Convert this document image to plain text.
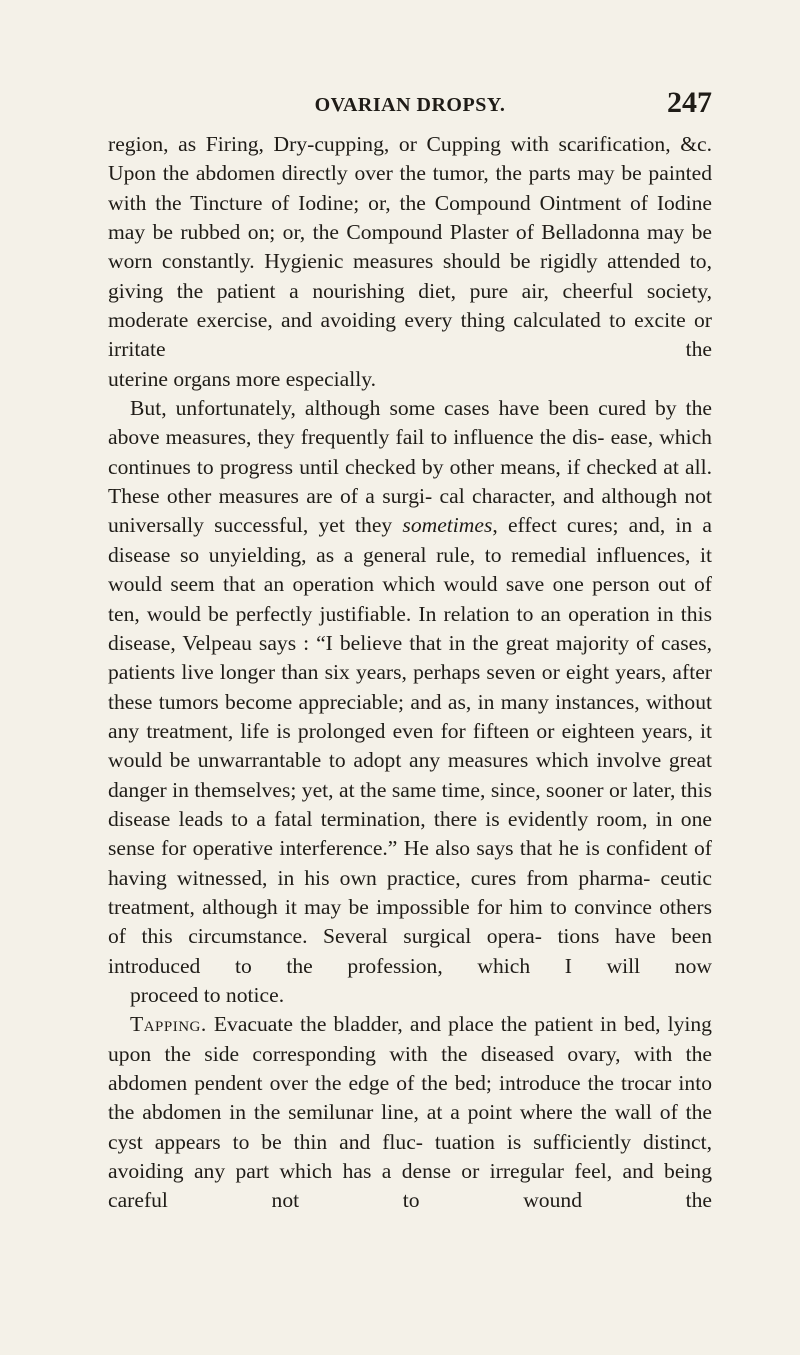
OVARIAN DROPSY.	247

region, as Firing, Dry-cupping, or Cupping with scarification, &c. Upon the abdomen directly over the tumor, the parts may be painted with the Tincture of Iodine; or, the Compound Ointment of Iodine may be rubbed on; or, the Compound Plaster of Belladonna may be worn constantly. Hygienic measures should be rigidly attended to, giving the patient a nourishing diet, pure air, cheerful society, moderate exercise, and avoiding every thing calculated to excite or irritate the
uterine organs more especially.

But, unfortunately, although some cases have been cured by the above measures, they frequently fail to influence the dis- ease, which continues to progress until checked by other means, if checked at all. These other measures are of a surgi- cal character, and although not universally successful, yet they sometimes, effect cures; and, in a disease so unyielding, as a general rule, to remedial influences, it would seem that an operation which would save one person out of ten, would be perfectly justifiable. In relation to an operation in this disease, Velpeau says : “I believe that in the great majority of cases, patients live longer than six years, perhaps seven or eight years, after these tumors become appreciable; and as, in many instances, without any treatment, life is prolonged even for fifteen or eighteen years, it would be unwarrantable to adopt any measures which involve great danger in themselves; yet, at the same time, since, sooner or later, this disease leads to a fatal termination, there is evidently room, in one sense for operative interference.” He also says that he is confident of having witnessed, in his own practice, cures from pharma- ceutic treatment, although it may be impossible for him to convince others of this circumstance. Several surgical opera- tions have been introduced to the profession, which I will now
proceed to notice.

Tapping. Evacuate the bladder, and place the patient in bed, lying upon the side corresponding with the diseased ovary, with the abdomen pendent over the edge of the bed; introduce the trocar into the abdomen in the semilunar line, at a point where the wall of the cyst appears to be thin and fluc- tuation is sufficiently distinct, avoiding any part which has a dense or irregular feel, and being careful not to wound the
